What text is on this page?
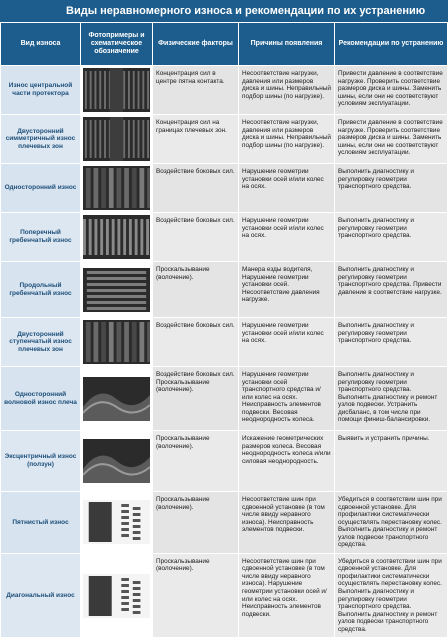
Виды неравномерного износа и рекомендации по их устранению
Вид износа	Фотопримеры и схематическое обозначение	Физические факторы	Причины появления	Рекомендации по устранению
Износ центральной части протектора		Концентрация сил в центре пятна контакта.	Несоответствие нагрузки, давления или размеров диска и шины. Неправильный подбор шины (по нагрузке).	Привести давление в соответствие нагрузке. Проверить соответствие размеров диска и шины. Заменить шины, если они не соответствуют условиям эксплуатации.
Двусторонний симметричный износ плечевых зон		Концентрация сил на границах плечевых зон.	Несоответствие нагрузки, давления или размеров диска и шины. Неправильный подбор шины (по нагрузке).	Привести давление в соответствие нагрузке. Проверить соответствие размеров диска и шины. Заменить шины, если они не соответствуют условиям эксплуатации.
Односторонний износ		Воздействие боковых сил.	Нарушение геометрии установки осей и/или колес на осях.	Выполнить диагностику и регулировку геометрии транспортного средства.
Поперечный гребенчатый износ		Воздействие боковых сил.	Нарушение геометрии установки осей и/или колес на осях.	Выполнить диагностику и регулировку геометрии транспортного средства.
Продольный гребенчатый износ		Проскальзывание (волочение).	Манера езды водителя, Нарушение геометрии установки осей. Несоответствие давления нагрузке.	Выполнить диагностику и регулировку геометрии транспортного средства. Привести давление в соответствие нагрузке.
Двусторонний ступенчатый износ плечевых зон		Воздействие боковых сил.	Нарушение геометрии установки осей и/или колес на осях.	Выполнить диагностику и регулировку геометрии транспортного средства.
Односторонний волновой износ плеча		Воздействие боковых сил. Проскальзывание (волочение).	Нарушение геометрии установки осей транспортного средства и/или колес на осях. Неисправность элементов подвески. Весовая неоднородность колеса.	Выполнить диагностику и регулировку геометрии транспортного средства. Выполнить диагностику и ремонт узлов подвески. Устранить дисбаланс, в том числе при помощи финиш-балансировки.
Эксцентричный износ (ползун)		Проскальзывание (волочение).	Искажение геометрических размеров колеса. Весовая неоднородность колеса и/или силовая неоднородность.	Выявить и устранить причины.
Пятнистый износ		Проскальзывание (волочение).	Несоответствие шин при сдвоенной установке (в том числе ввиду неравного износа). Неисправность элементов подвески.	Убедиться в соответствии шин при сдвоенной установке. Для профилактики систематически осуществлять перестановку колес. Выполнить диагностику и ремонт узлов подвески транспортного средства.
Диагональный износ		Проскальзывание (волочение).	Несоответствие шин при сдвоенной установке (в том числе ввиду неравного износа). Нарушение геометрии установки осей и/или колес на осях. Неисправность элементов подвески.	Убедиться в соответствии шин при сдвоенной установке. Для профилактики систематически осуществлять перестановку колес. Выполнить диагностику и регулировку геометрии транспортного средства. Выполнить диагностику и ремонт узлов подвески транспортного средства.
